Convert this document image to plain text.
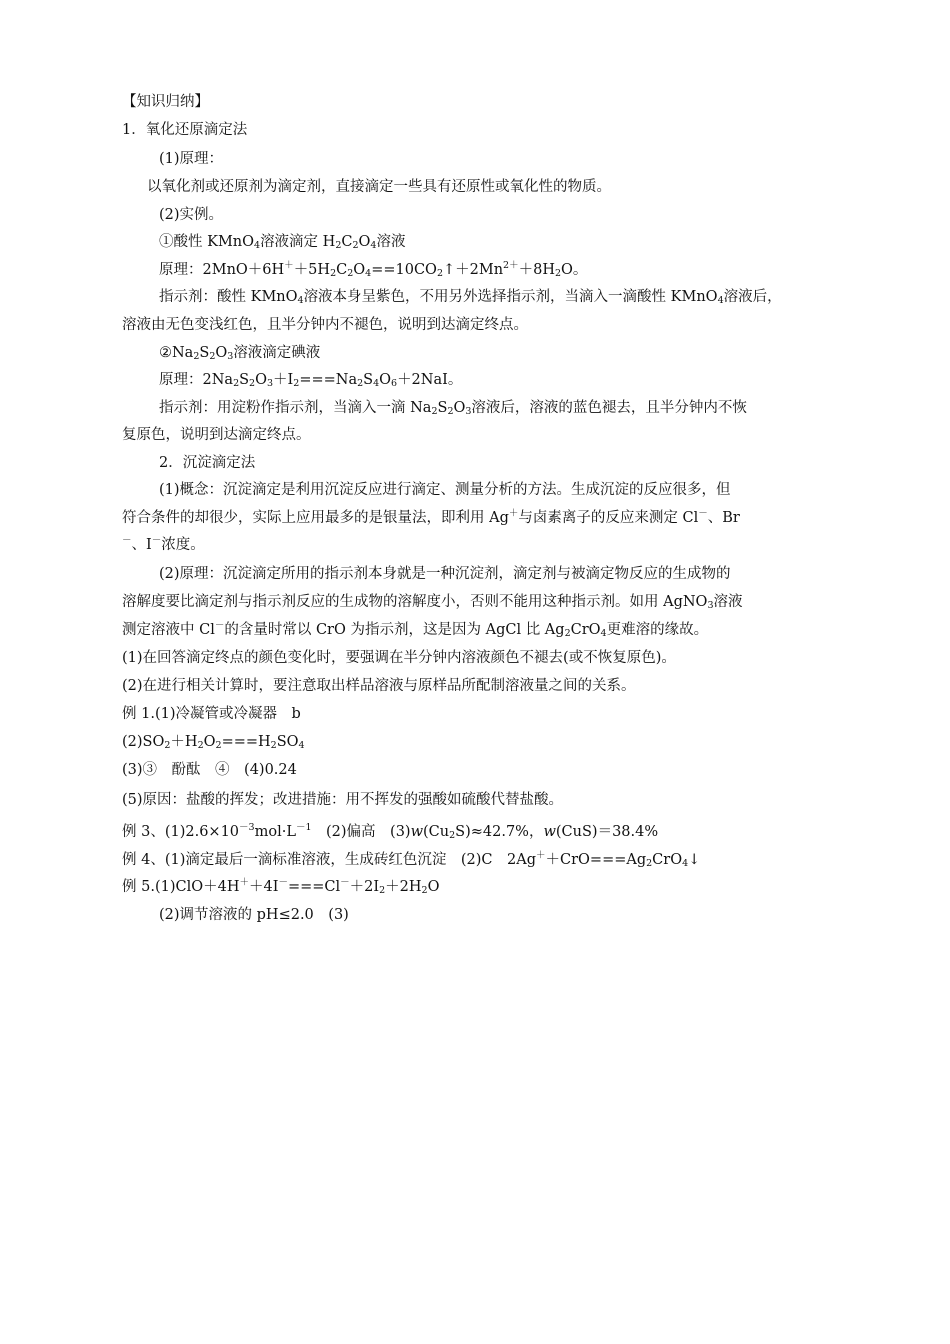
【知识归纳】
1．氧化还原滴定法
(1)原理：
以氧化剂或还原剂为滴定剂，直接滴定一些具有还原性或氧化性的物质。
(2)实例。
①酸性 KMnO$_4$溶液滴定 $H_2C_2O_4$溶液
原理：$2MnO+6H^++5H_2C_2O_4==10CO_2↑+2Mn^{2+}+8H_2O$。
指示剂：酸性 KMnO$_4$溶液本身呈紫色，不用另外选择指示剂，当滴入一滴酸性 KMnO$_4$溶液后，
溶液由无色变浅红色，且半分钟内不褪色，说明到达滴定终点。
$②Na_2S_2O_3$溶液滴定碘液
原理：$2Na_2S_2O_3+I_2===Na_2S_4O_6+2NaI$。
指示剂：用淀粉作指示剂，当滴入一滴 $Na_2S_2O_3$溶液后，溶液的蓝色褪去，且半分钟内不恢
复原色，说明到达滴定终点。
2．沉淀滴定法
(1)概念：沉淀滴定是利用沉淀反应进行滴定、测量分析的方法。生成沉淀的反应很多，但
符合条件的却很少，实际上应用最多的是银量法，即利用 Ag＋与卤素离子的反应来测定 Cl－、Br
－、I－浓度。
(2)原理：沉淀滴定所用的指示剂本身就是一种沉淀剂，滴定剂与被滴定物反应的生成物的
溶解度要比滴定剂与指示剂反应的生成物的溶解度小，否则不能用这种指示剂。如用 AgNO$_3$溶液
测定溶液中 Cl－的含量时常以 CrO 为指示剂，这是因为 AgCl 比 $Ag_2CrO_4$更难溶的缘故。
(1)在回答滴定终点的颜色变化时，要强调在半分钟内溶液颜色不褪去(或不恢复原色)。
(2)在进行相关计算时，要注意取出样品溶液与原样品所配制溶液量之间的关系。
例 1.(1)冷凝管或冷凝器　b
$(2)SO_2+H_2O_2===H_2SO_4$
(3)③　酚酞　④　(4)0.24
(5)原因：盐酸的挥发；改进措施：用不挥发的强酸如硫酸代替盐酸。
例 3、$(1)2.6\times 10^{-3}mol\cdot L^{-1}$　(2)偏高　$(3)w(Cu_2S)\approx 42.7\%$，w(CuS)＝38.4%
例 4、(1)滴定最后一滴标准溶液，生成砖红色沉淀　(2)C　$2Ag^++CrO===Ag_2CrO_4↓$
例 $5.(1)ClO+4H^++4I^-===Cl^-+2I_2+2H_2O$
(2)调节溶液的 pH≤2.0　(3)
